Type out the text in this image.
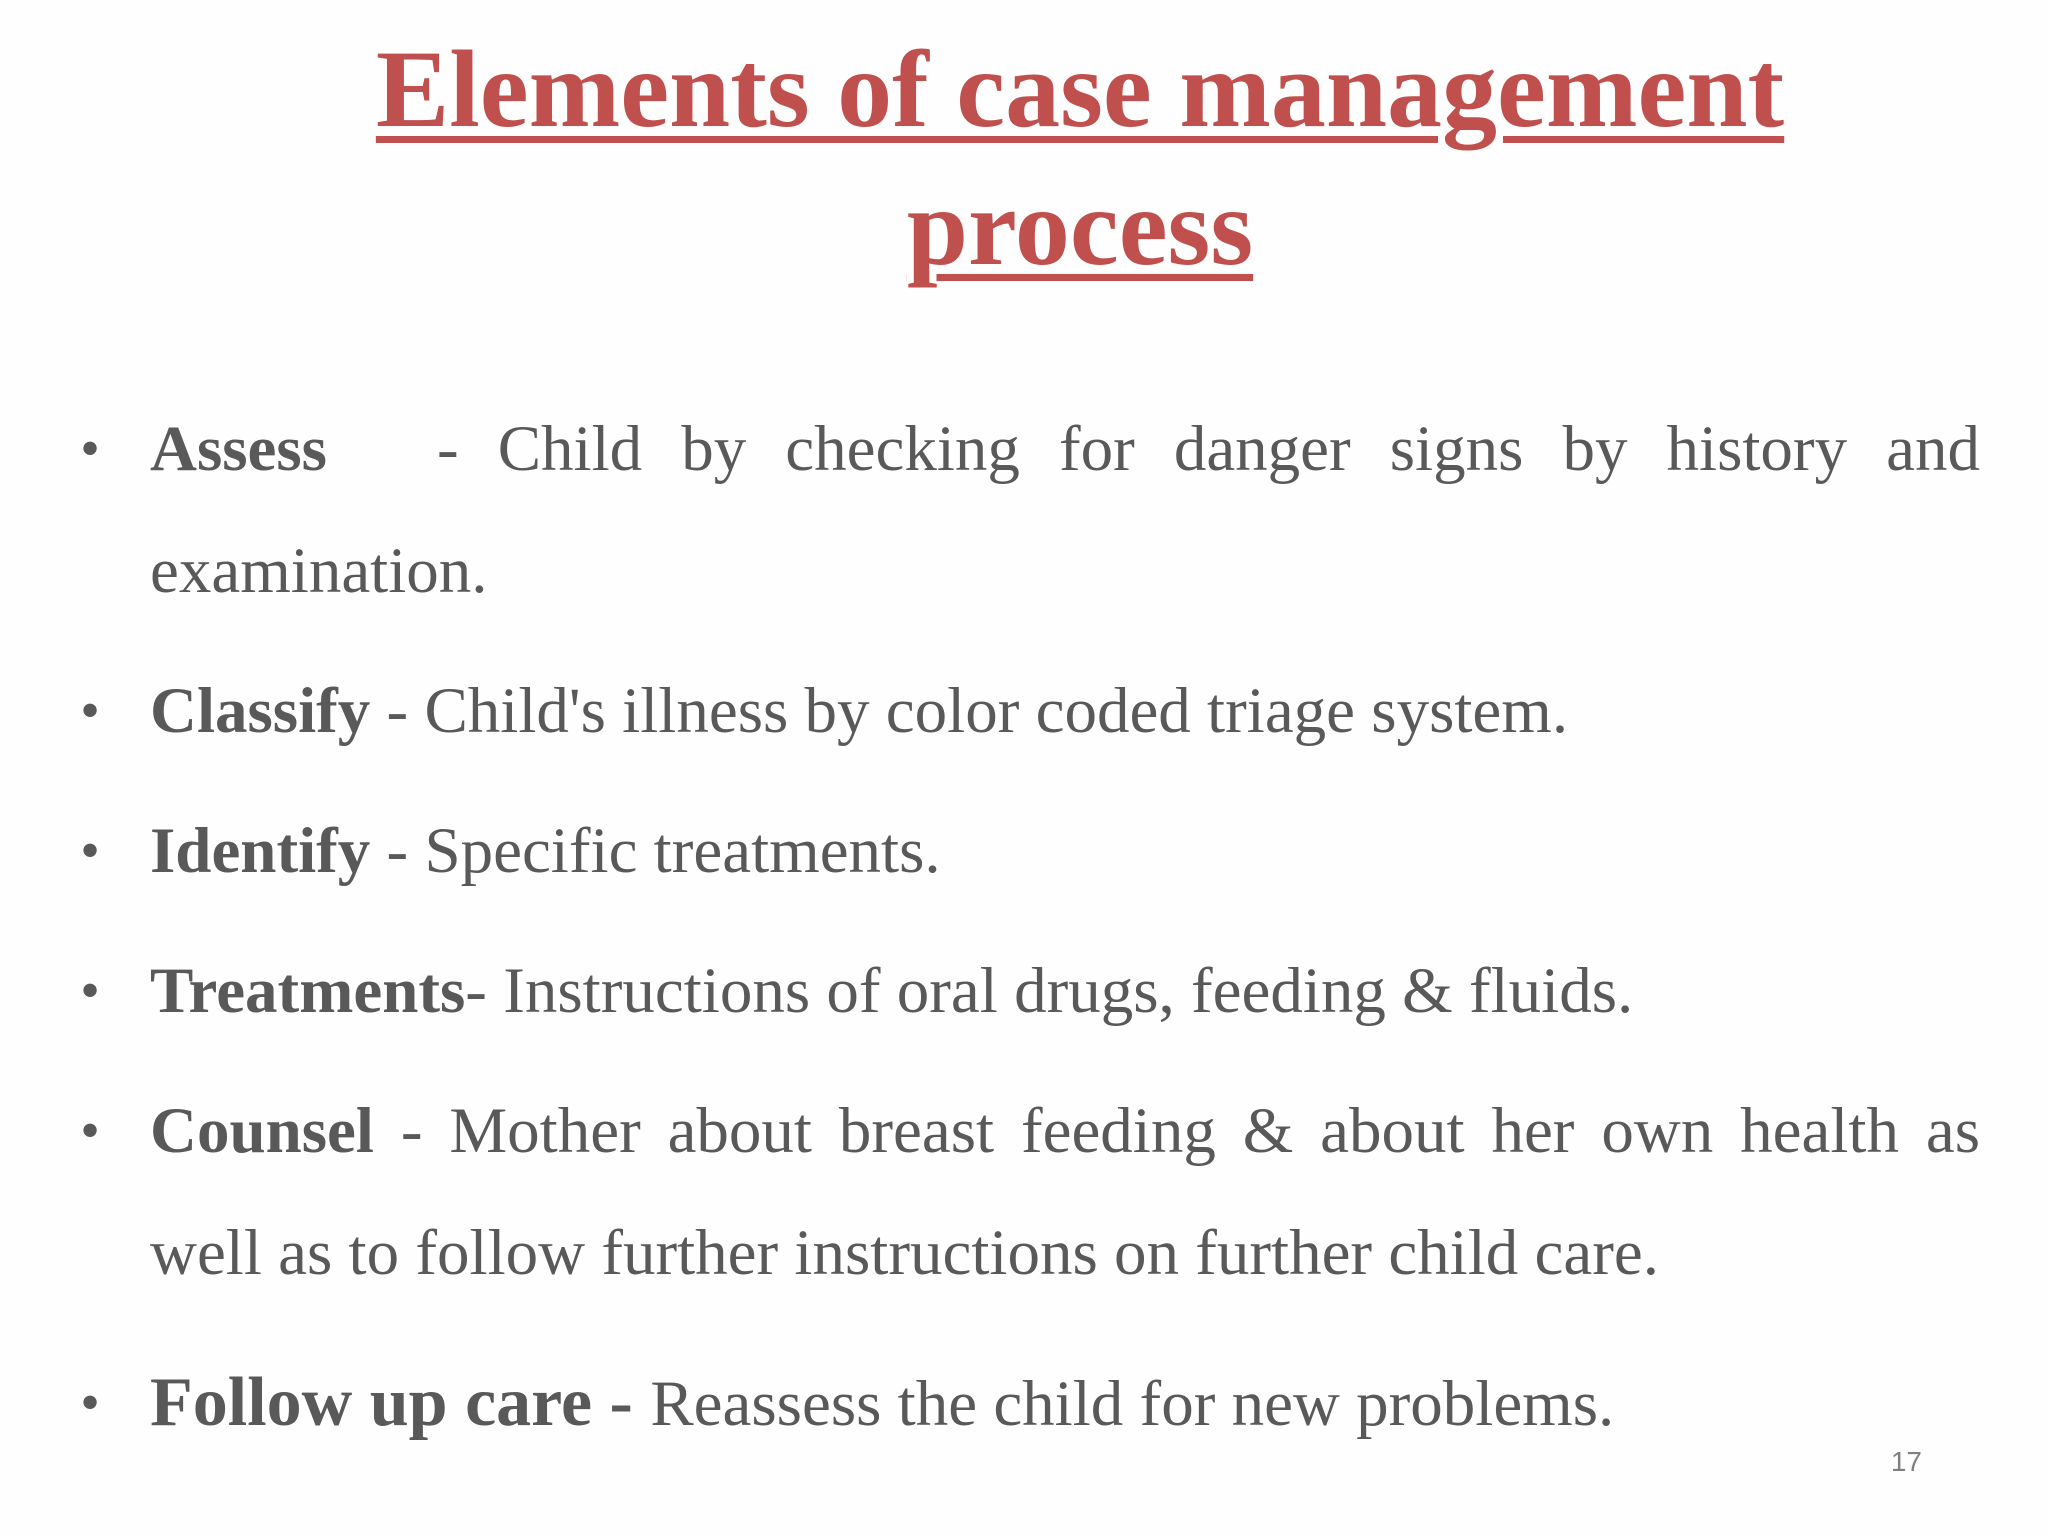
Elements of case management
process
• Assess - Child by checking for danger signs by history and examination.
• Classify - Child's illness by color coded triage system.
• Identify - Specific treatments.
• Treatments- Instructions of oral drugs, feeding & fluids.
• Counsel - Mother about breast feeding & about her own health as well as to follow further instructions on further child care.
• Follow up care - Reassess the child for new problems.
17
